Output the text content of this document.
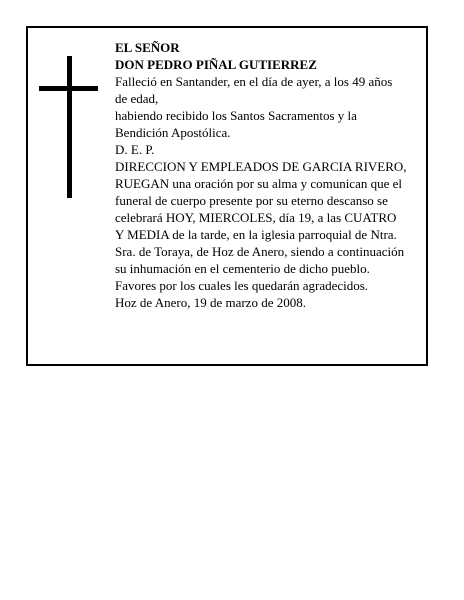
EL SEÑOR
DON PEDRO PIÑAL GUTIERREZ
Falleció en Santander, en el día de ayer, a los 49 años
de edad,
habiendo recibido los Santos Sacramentos y la
Bendición Apostólica.
D. E. P.
DIRECCION Y EMPLEADOS DE GARCIA RIVERO,
RUEGAN una oración por su alma y comunican que el
funeral de cuerpo presente por su eterno descanso se
celebrará HOY, MIERCOLES, día 19, a las CUATRO
Y MEDIA de la tarde, en la iglesia parroquial de Ntra.
Sra. de Toraya, de Hoz de Anero, siendo a continuación
su inhumación en el cementerio de dicho pueblo.
Favores por los cuales les quedarán agradecidos.
Hoz de Anero, 19 de marzo de 2008.
